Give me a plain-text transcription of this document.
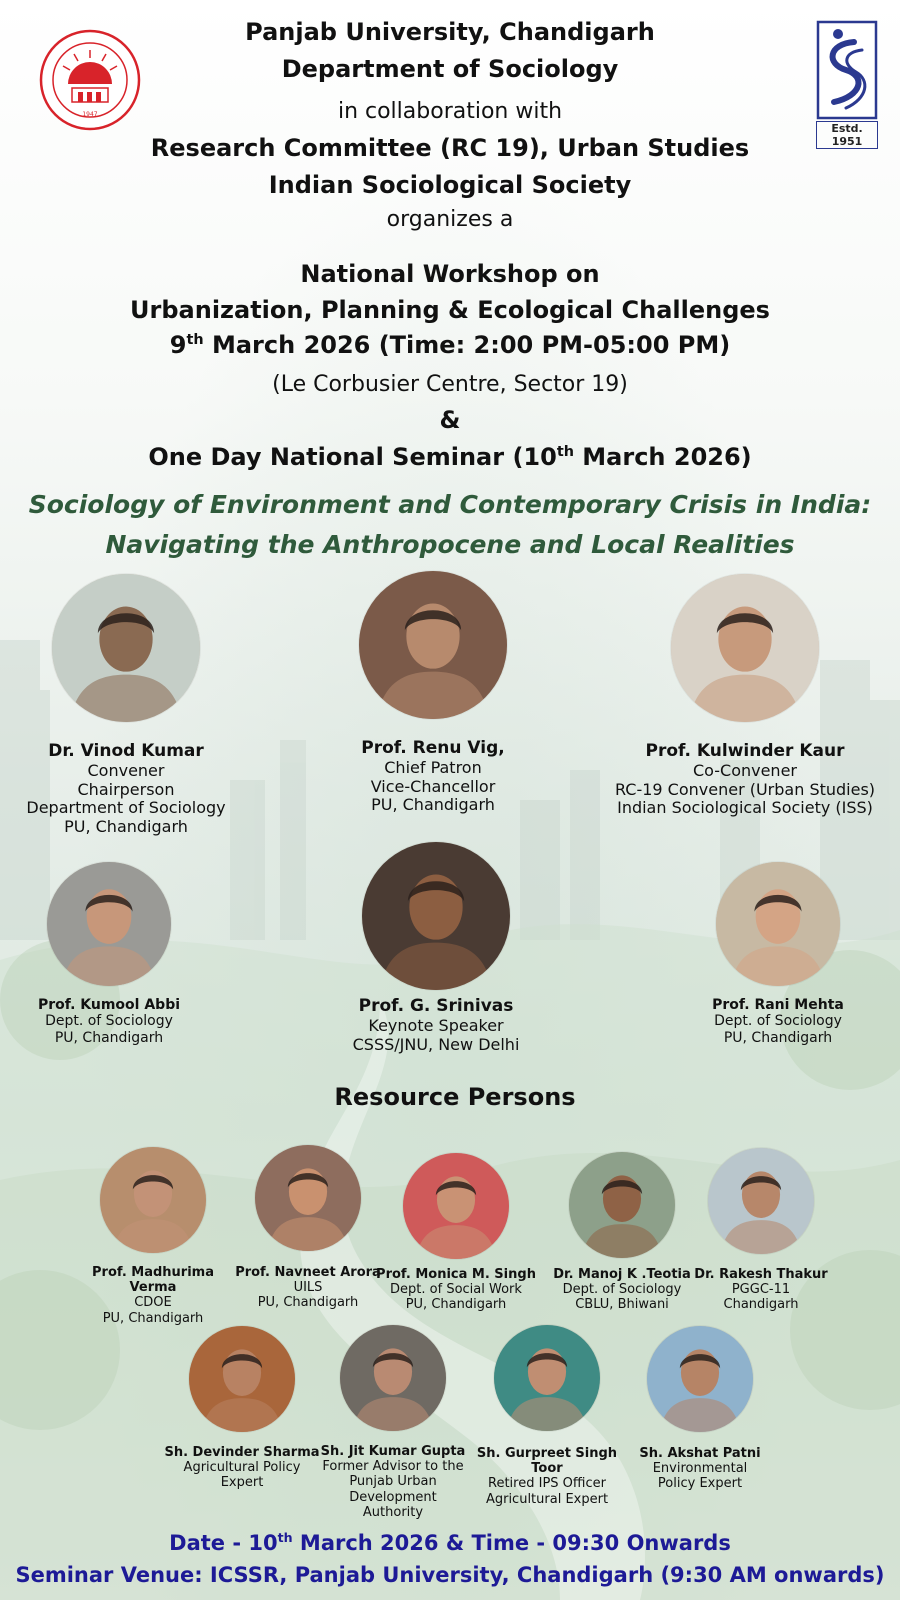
1947
Estd. 1951
Panjab University, Chandigarh
Department of Sociology
in collaboration with
Research Committee (RC 19), Urban Studies
Indian Sociological Society
organizes a
National Workshop on
Urbanization, Planning & Ecological Challenges
9th March 2026 (Time: 2:00 PM-05:00 PM)
(Le Corbusier Centre, Sector 19)
&
One Day National Seminar (10th March 2026)
Sociology of Environment and Contemporary Crisis in India:
Navigating the Anthropocene and Local Realities
Dr. Vinod Kumar
Convener
Chairperson
Department of Sociology
PU, Chandigarh
Prof. Renu Vig,
Chief Patron
Vice-Chancellor
PU, Chandigarh
Prof. Kulwinder Kaur
Co-Convener
RC-19 Convener (Urban Studies)
Indian Sociological Society (ISS)
Prof. Kumool Abbi
Dept. of Sociology
PU, Chandigarh
Prof. G. Srinivas
Keynote Speaker
CSSS/JNU, New Delhi
Prof. Rani Mehta
Dept. of Sociology
PU, Chandigarh
Resource Persons
Prof. Madhurima Verma
CDOE
PU, Chandigarh
Prof. Navneet Arora
UILS
PU, Chandigarh
Prof. Monica M. Singh
Dept. of Social Work
PU, Chandigarh
Dr. Manoj K .Teotia
Dept. of Sociology
CBLU, Bhiwani
Dr. Rakesh Thakur
PGGC-11
Chandigarh
Sh. Devinder Sharma
Agricultural Policy
Expert
Sh. Jit Kumar Gupta
Former Advisor to the
Punjab Urban
Development
Authority
Sh. Gurpreet Singh Toor
Retired IPS Officer
Agricultural Expert
Sh. Akshat Patni
Environmental
Policy Expert
Date - 10th March 2026 & Time - 09:30 Onwards
Seminar Venue: ICSSR, Panjab University, Chandigarh (9:30 AM onwards)
